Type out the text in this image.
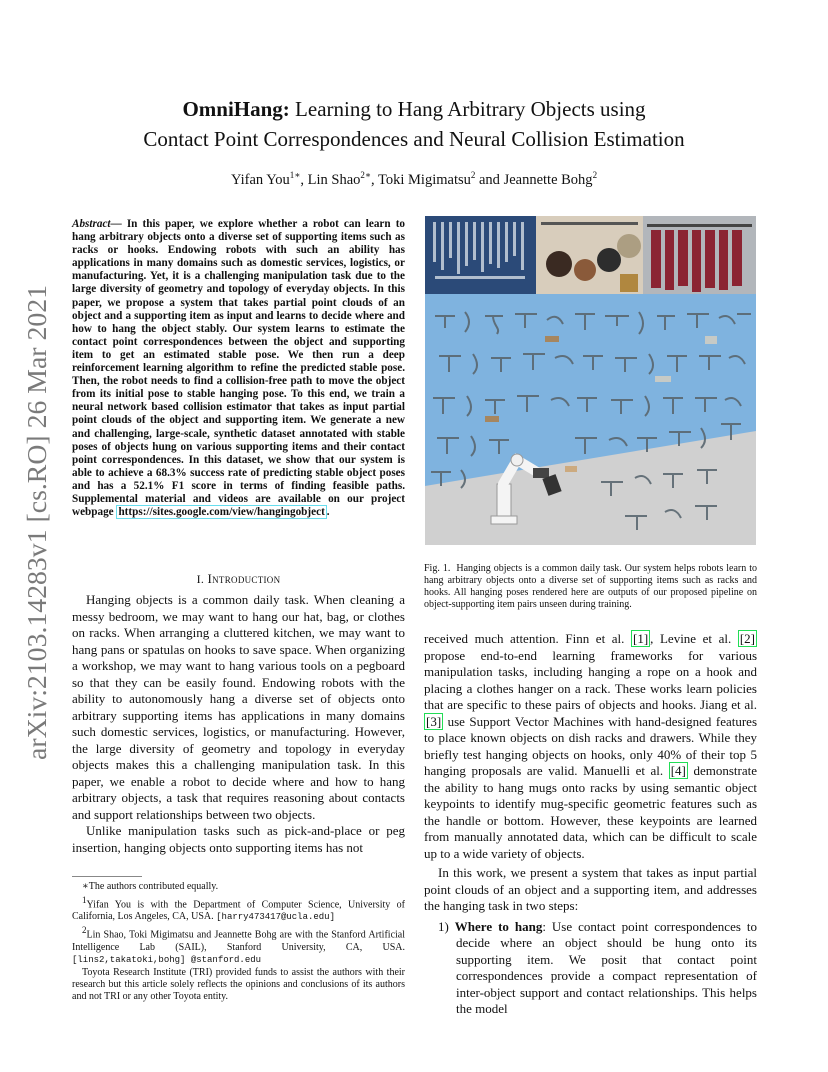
arXiv:2103.14283v1 [cs.RO] 26 Mar 2021
OmniHang: Learning to Hang Arbitrary Objects using
Contact Point Correspondences and Neural Collision Estimation
Yifan You$^{1∗}$, Lin Shao$^{2∗}$, Toki Migimatsu$^2$ and Jeannette Bohg$^2$
Abstract— In this paper, we explore whether a robot can learn to hang arbitrary objects onto a diverse set of supporting items such as racks or hooks. Endowing robots with such an ability has applications in many domains such as domestic services, logistics, or manufacturing. Yet, it is a challenging manipulation task due to the large diversity of geometry and topology of everyday objects. In this paper, we propose a system that takes partial point clouds of an object and a supporting item as input and learns to decide where and how to hang the object stably. Our system learns to estimate the contact point correspondences between the object and supporting item to get an estimated stable pose. We then run a deep reinforcement learning algorithm to refine the predicted stable pose. Then, the robot needs to find a collision-free path to move the object from its initial pose to stable hanging pose. To this end, we train a neural network based collision estimator that takes as input partial point clouds of the object and supporting item. We generate a new and challenging, large-scale, synthetic dataset annotated with stable poses of objects hung on various supporting items and their contact point correspondences. In this dataset, we show that our system is able to achieve a 68.3% success rate of predicting stable object poses and has a 52.1% F1 score in terms of finding feasible paths. Supplemental material and videos are available on our project webpage https://sites.google.com/view/hangingobject .
I. Introduction

Hanging objects is a common daily task. When cleaning a messy bedroom, we may want to hang our hat, bag, or clothes on racks. When arranging a cluttered kitchen, we may want to hang pans or spatulas on hooks to save space. When organizing a workshop, we may want to hang various tools on a pegboard so that they can be easily found. Endowing robots with the ability to autonomously hang a diverse set of objects onto arbitrary supporting items has applications in many domains such domestic services, logistics, or manufacturing. However, the large diversity of geometry and topology in everyday objects makes this a challenging manipulation task. In this paper, we enable a robot to decide where and how to hang arbitrary objects, a task that requires reasoning about contacts and support relationships between two objects.

Unlike manipulation tasks such as pick-and-place or peg insertion, hanging objects onto supporting items has not

∗The authors contributed equally.

$^1$Yifan You is with the Department of Computer Science, University of California, Los Angeles, CA, USA. [harry473417@ucla.edu]

$^2$Lin Shao, Toki Migimatsu and Jeannette Bohg are with the Stanford Artificial Intelligence Lab (SAIL), Stanford University, CA, USA. [lins2,takatoki,bohg] @stanford.edu

Toyota Research Institute (TRI) provided funds to assist the authors with their research but this article solely reflects the opinions and conclusions of its authors and not TRI or any other Toyota entity.

Fig. 1. Hanging objects is a common daily task. Our system helps robots learn to hang arbitrary objects onto a diverse set of supporting items such as racks and hooks. All hanging poses rendered here are outputs of our proposed pipeline on object-supporting item pairs unseen during training.

received much attention. Finn et al. [1] , Levine et al. [2] propose end-to-end learning frameworks for various manipulation tasks, including hanging a rope on a hook and placing a clothes hanger on a rack. These works learn policies that are specific to these pairs of objects and hooks. Jiang et al. [3] use Support Vector Machines with hand-designed features to place known objects on dish racks and drawers. While they briefly test hanging objects on hooks, only 40% of their top 5 hanging proposals are valid. Manuelli et al. [4] demonstrate the ability to hang mugs onto racks by using semantic object keypoints to identify mug-specific geometric features such as the handle or bottom. However, these keypoints are learned from manually annotated data, which can be difficult to scale up to a wide variety of objects.

In this work, we present a system that takes as input partial point clouds of an object and a supporting item, and addresses the hanging task in two steps:

1) Where to hang: Use contact point correspondences to decide where an object should be hung onto its supporting item. We posit that contact point correspondences provide a compact representation of inter-object support and contact relationships. This helps the model
